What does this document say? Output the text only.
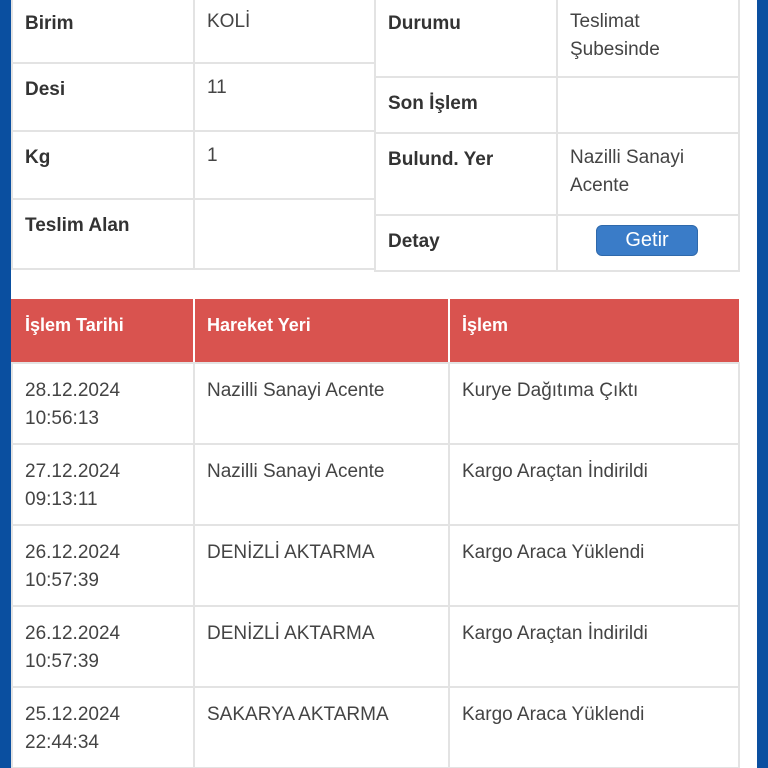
Birim	KOLİ
Desi	11
Kg	1
Teslim Alan	
Durumu	Teslimat
Şubesinde

Son İşlem	

Bulund. Yer	Nazilli Sanayi
Acente

Detay	Getir
İşlem Tarihi	Hareket Yeri	İşlem

28.12.2024
10:56:13	Nazilli Sanayi Acente	Kurye Dağıtıma Çıktı

27.12.2024
09:13:11	Nazilli Sanayi Acente	Kargo Araçtan İndirildi

26.12.2024
10:57:39	DENİZLİ AKTARMA	Kargo Araca Yüklendi

26.12.2024
10:57:39	DENİZLİ AKTARMA	Kargo Araçtan İndirildi

25.12.2024
22:44:34	SAKARYA AKTARMA	Kargo Araca Yüklendi
